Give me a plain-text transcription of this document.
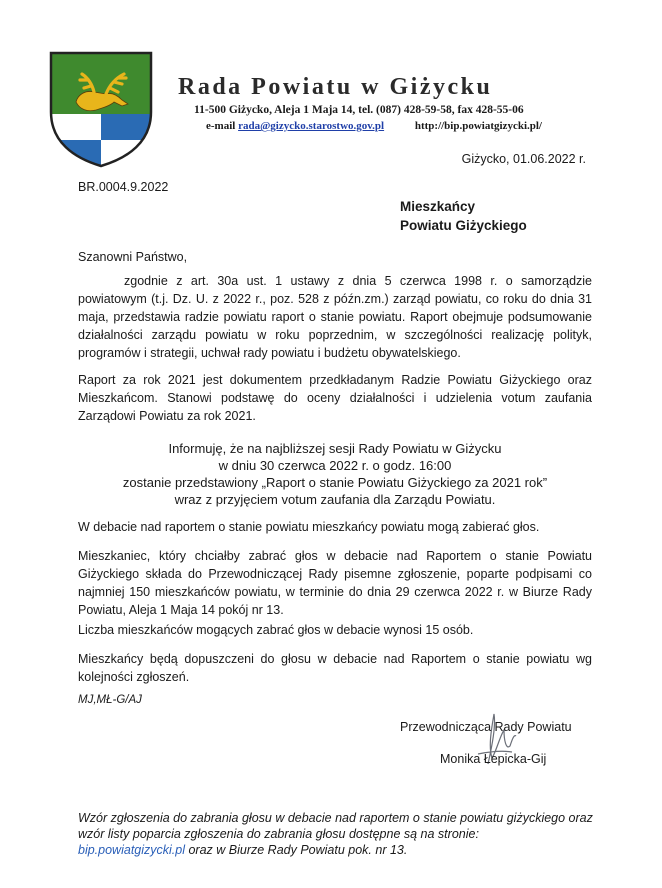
Rada Powiatu w Giżycku
11-500 Giżycko, Aleja 1 Maja 14, tel. (087) 428-59-58, fax 428-55-06
e-mail rada@gizycko.starostwo.gov.pl	http://bip.powiatgizycki.pl/
Giżycko, 01.06.2022 r.
BR.0004.9.2022
Mieszkańcy
Powiatu Giżyckiego
Szanowni Państwo,
zgodnie z art. 30a ust. 1 ustawy z dnia 5 czerwca 1998 r. o samorządzie powiatowym (t.j. Dz. U. z 2022 r., poz. 528 z późn.zm.) zarząd powiatu, co roku do dnia 31 maja, przedstawia radzie powiatu raport o stanie powiatu. Raport obejmuje podsumowanie działalności zarządu powiatu w roku poprzednim, w szczególności realizację polityk, programów i strategii, uchwał rady powiatu i budżetu obywatelskiego.
Raport za rok 2021 jest dokumentem przedkładanym Radzie Powiatu Giżyckiego oraz Mieszkańcom. Stanowi podstawę do oceny działalności i udzielenia votum zaufania Zarządowi Powiatu za rok 2021.
Informuję, że na najbliższej sesji Rady Powiatu w Giżycku
w dniu 30 czerwca 2022 r. o godz. 16:00
zostanie przedstawiony „Raport o stanie Powiatu Giżyckiego za 2021 rok”
wraz z przyjęciem votum zaufania dla Zarządu Powiatu.
W debacie nad raportem o stanie powiatu mieszkańcy powiatu mogą zabierać głos.
Mieszkaniec, który chciałby zabrać głos w debacie nad Raportem o stanie Powiatu Giżyckiego składa do Przewodniczącej Rady pisemne zgłoszenie, poparte podpisami co najmniej 150 mieszkańców powiatu, w terminie do dnia 29 czerwca 2022 r. w Biurze Rady Powiatu, Aleja 1 Maja 14 pokój nr 13.
Liczba mieszkańców mogących zabrać głos w debacie wynosi 15 osób.
Mieszkańcy będą dopuszczeni do głosu w debacie nad Raportem o stanie powiatu wg kolejności zgłoszeń.
MJ,MŁ-G/AJ
Przewodnicząca Rady Powiatu
Monika Łepicka-Gij
Wzór zgłoszenia do zabrania głosu w debacie nad raportem o stanie powiatu giżyckiego oraz
wzór listy poparcia zgłoszenia do zabrania głosu dostępne są na stronie:
bip.powiatgizycki.pl oraz w Biurze Rady Powiatu pok. nr 13.
